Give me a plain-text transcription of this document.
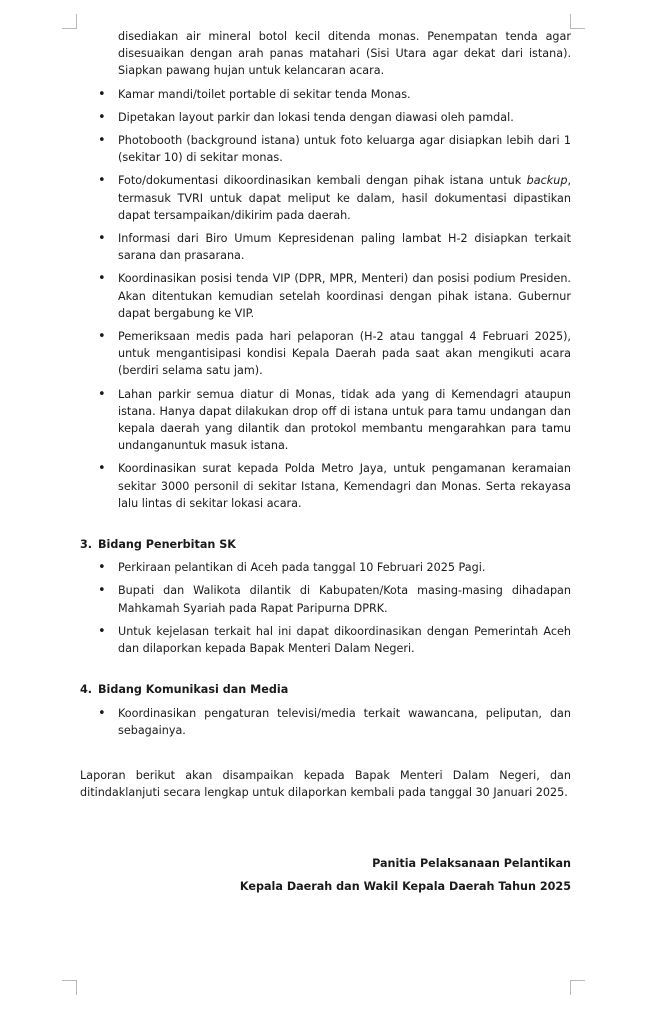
disediakan air mineral botol kecil ditenda monas. Penempatan tenda agar disesuaikan dengan arah panas matahari (Sisi Utara agar dekat dari istana). Siapkan pawang hujan untuk kelancaran acara.

• Kamar mandi/toilet portable di sekitar tenda Monas.
• Dipetakan layout parkir dan lokasi tenda dengan diawasi oleh pamdal.
• Photobooth (background istana) untuk foto keluarga agar disiapkan lebih dari 1 (sekitar 10) di sekitar monas.
• Foto/dokumentasi dikoordinasikan kembali dengan pihak istana untuk backup, termasuk TVRI untuk dapat meliput ke dalam, hasil dokumentasi dipastikan dapat tersampaikan/dikirim pada daerah.
• Informasi dari Biro Umum Kepresidenan paling lambat H-2 disiapkan terkait sarana dan prasarana.
• Koordinasikan posisi tenda VIP (DPR, MPR, Menteri) dan posisi podium Presiden. Akan ditentukan kemudian setelah koordinasi dengan pihak istana. Gubernur dapat bergabung ke VIP.
• Pemeriksaan medis pada hari pelaporan (H-2 atau tanggal 4 Februari 2025), untuk mengantisipasi kondisi Kepala Daerah pada saat akan mengikuti acara (berdiri selama satu jam).
• Lahan parkir semua diatur di Monas, tidak ada yang di Kemendagri ataupun istana. Hanya dapat dilakukan drop off di istana untuk para tamu undangan dan kepala daerah yang dilantik dan protokol membantu mengarahkan para tamu undanganuntuk masuk istana.
• Koordinasikan surat kepada Polda Metro Jaya, untuk pengamanan keramaian sekitar 3000 personil di sekitar Istana, Kemendagri dan Monas. Serta rekayasa lalu lintas di sekitar lokasi acara.
3. Bidang Penerbitan SK
• Perkiraan pelantikan di Aceh pada tanggal 10 Februari 2025 Pagi.
• Bupati dan Walikota dilantik di Kabupaten/Kota masing-masing dihadapan Mahkamah Syariah pada Rapat Paripurna DPRK.
• Untuk kejelasan terkait hal ini dapat dikoordinasikan dengan Pemerintah Aceh dan dilaporkan kepada Bapak Menteri Dalam Negeri.
4. Bidang Komunikasi dan Media
• Koordinasikan pengaturan televisi/media terkait wawancana, peliputan, dan sebagainya.

Laporan berikut akan disampaikan kepada Bapak Menteri Dalam Negeri, dan ditindaklanjuti secara lengkap untuk dilaporkan kembali pada tanggal 30 Januari 2025.

Panitia Pelaksanaan Pelantikan
Kepala Daerah dan Wakil Kepala Daerah Tahun 2025
